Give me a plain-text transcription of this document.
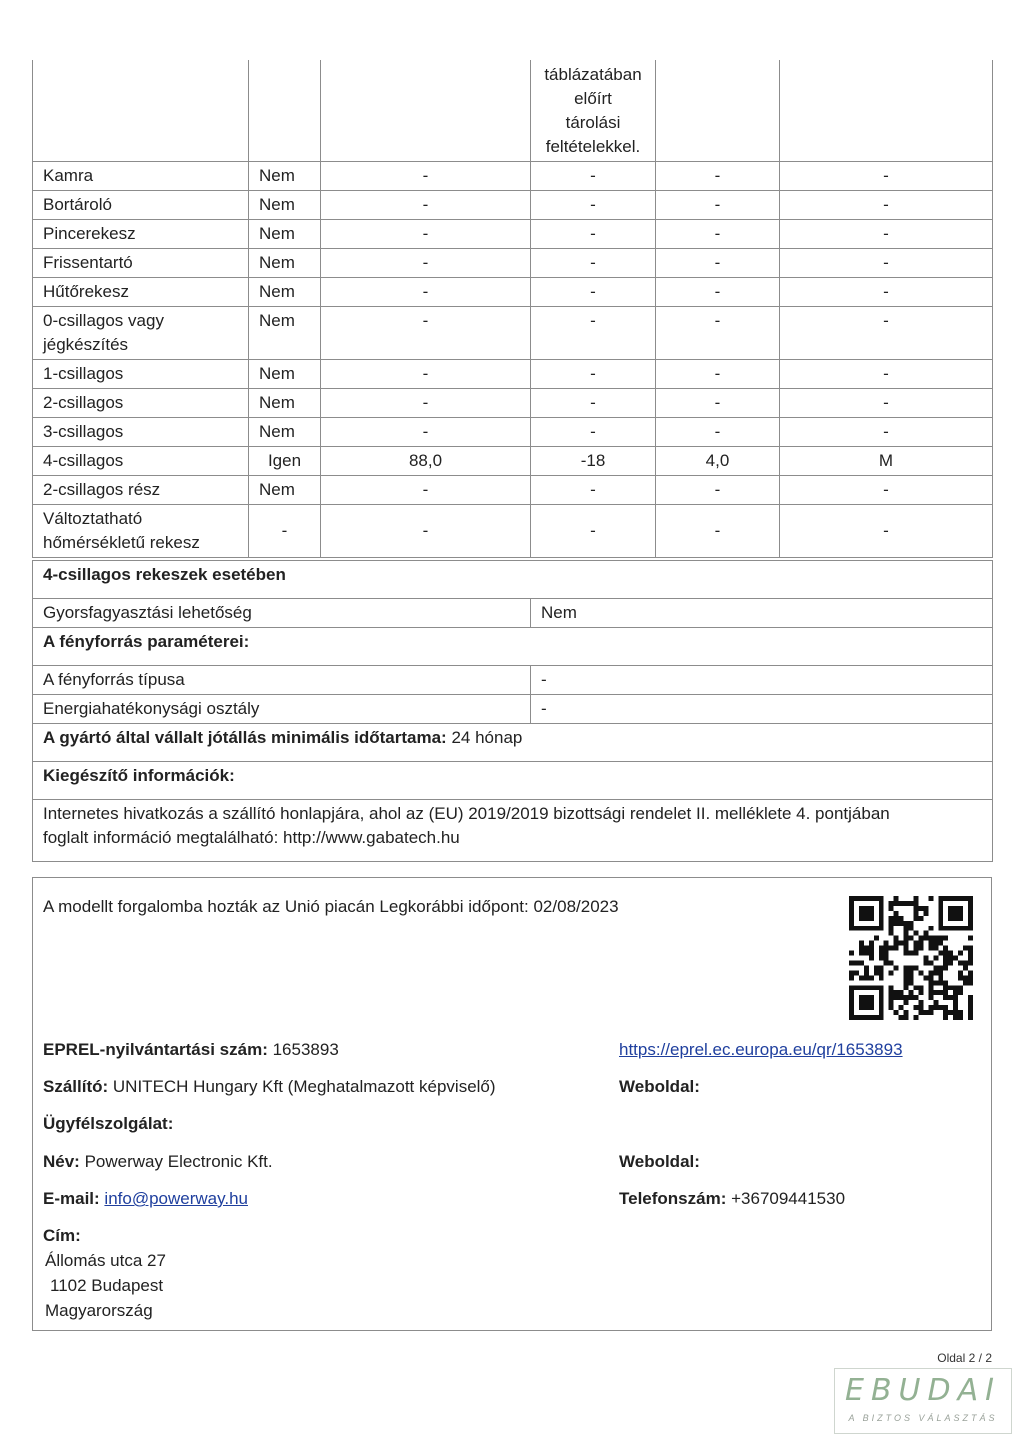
			táblázatában
előírt
tárolási
feltételekkel.		

Kamra	Nem	-	-	-	-
Bortároló	Nem	-	-	-	-
Pincerekesz	Nem	-	-	-	-
Frissentartó	Nem	-	-	-	-
Hűtőrekesz	Nem	-	-	-	-

0-csillagos vagy
jégkészítés	Nem	-	-	-	-
1-csillagos	Nem	-	-	-	-
2-csillagos	Nem	-	-	-	-
3-csillagos	Nem	-	-	-	-
4-csillagos	Igen	88,0	-18	4,0	M
2-csillagos rész	Nem	-	-	-	-

Változtatható
hőmérsékletű rekesz	-	-	-	-	-
4-csillagos rekeszek esetében	
Gyorsfagyasztási lehetőség	Nem
A fényforrás paraméterei:	
A fényforrás típusa	-
Energiahatékonysági osztály	-
A gyártó által vállalt jótállás minimális időtartama: 24 hónap	
Kiegészítő információk:	

Internetes hivatkozás a szállító honlapjára, ahol az (EU) 2019/2019 bizottsági rendelet II. melléklete 4. pontjában
foglalt információ megtalálható: http://www.gabatech.hu	
A modellt forgalomba hozták az Unió piacán Legkorábbi időpont: 02/08/2023
EPREL-nyilvántartási szám: 1653893	https://eprel.ec.europa.eu/qr/1653893
Szállító: UNITECH Hungary Kft (Meghatalmazott képviselő)	Weboldal:
Ügyfélszolgálat:
Név: Powerway Electronic Kft.	Weboldal:
E-mail: info@powerway.hu	Telefonszám: +36709441530
Cím:
Állomás utca 27
1102 Budapest
Magyarország
Oldal 2 / 2
EBUDAI
A BIZTOS VÁLASZTÁS
